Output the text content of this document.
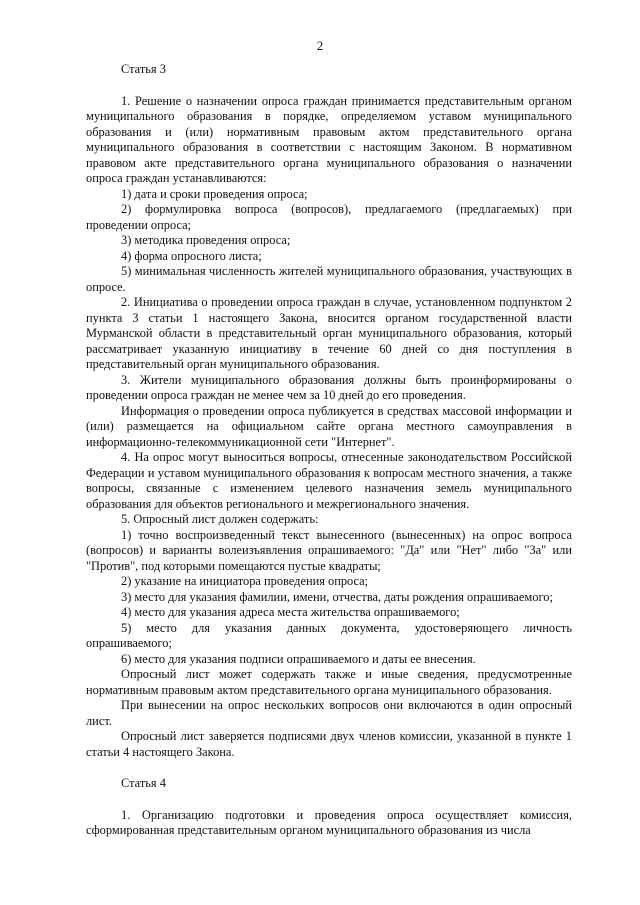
2
Статья 3

1. Решение о назначении опроса граждан принимается представительным органом муниципального образования в порядке, определяемом уставом муниципального образования и (или) нормативным правовым актом представительного органа муниципального образования в соответствии с настоящим Законом. В нормативном правовом акте представительного органа муниципального образования о назначении опроса граждан устанавливаются:

1) дата и сроки проведения опроса;

2) формулировка вопроса (вопросов), предлагаемого (предлагаемых) при проведении опроса;

3) методика проведения опроса;

4) форма опросного листа;

5) минимальная численность жителей муниципального образования, участвующих в опросе.

2. Инициатива о проведении опроса граждан в случае, установленном подпунктом 2 пункта 3 статьи 1 настоящего Закона, вносится органом государственной власти Мурманской области в представительный орган муниципального образования, который рассматривает указанную инициативу в течение 60 дней со дня поступления в представительный орган муниципального образования.

3. Жители муниципального образования должны быть проинформированы о проведении опроса граждан не менее чем за 10 дней до его проведения.

Информация о проведении опроса публикуется в средствах массовой информации и (или) размещается на официальном сайте органа местного самоуправления в информационно-телекоммуникационной сети "Интернет".

4. На опрос могут выноситься вопросы, отнесенные законодательством Российской Федерации и уставом муниципального образования к вопросам местного значения, а также вопросы, связанные с изменением целевого назначения земель муниципального образования для объектов регионального и межрегионального значения.

5. Опросный лист должен содержать:

1) точно воспроизведенный текст вынесенного (вынесенных) на опрос вопроса (вопросов) и варианты волеизъявления опрашиваемого: "Да" или "Нет" либо "За" или "Против", под которыми помещаются пустые квадраты;

2) указание на инициатора проведения опроса;

3) место для указания фамилии, имени, отчества, даты рождения опрашиваемого;

4) место для указания адреса места жительства опрашиваемого;

5) место для указания данных документа, удостоверяющего личность опрашиваемого;

6) место для указания подписи опрашиваемого и даты ее внесения.

Опросный лист может содержать также и иные сведения, предусмотренные нормативным правовым актом представительного органа муниципального образования.

При вынесении на опрос нескольких вопросов они включаются в один опросный лист.

Опросный лист заверяется подписями двух членов комиссии, указанной в пункте 1 статьи 4 настоящего Закона.

Статья 4

1. Организацию подготовки и проведения опроса осуществляет комиссия, сформированная представительным органом муниципального образования из числа
